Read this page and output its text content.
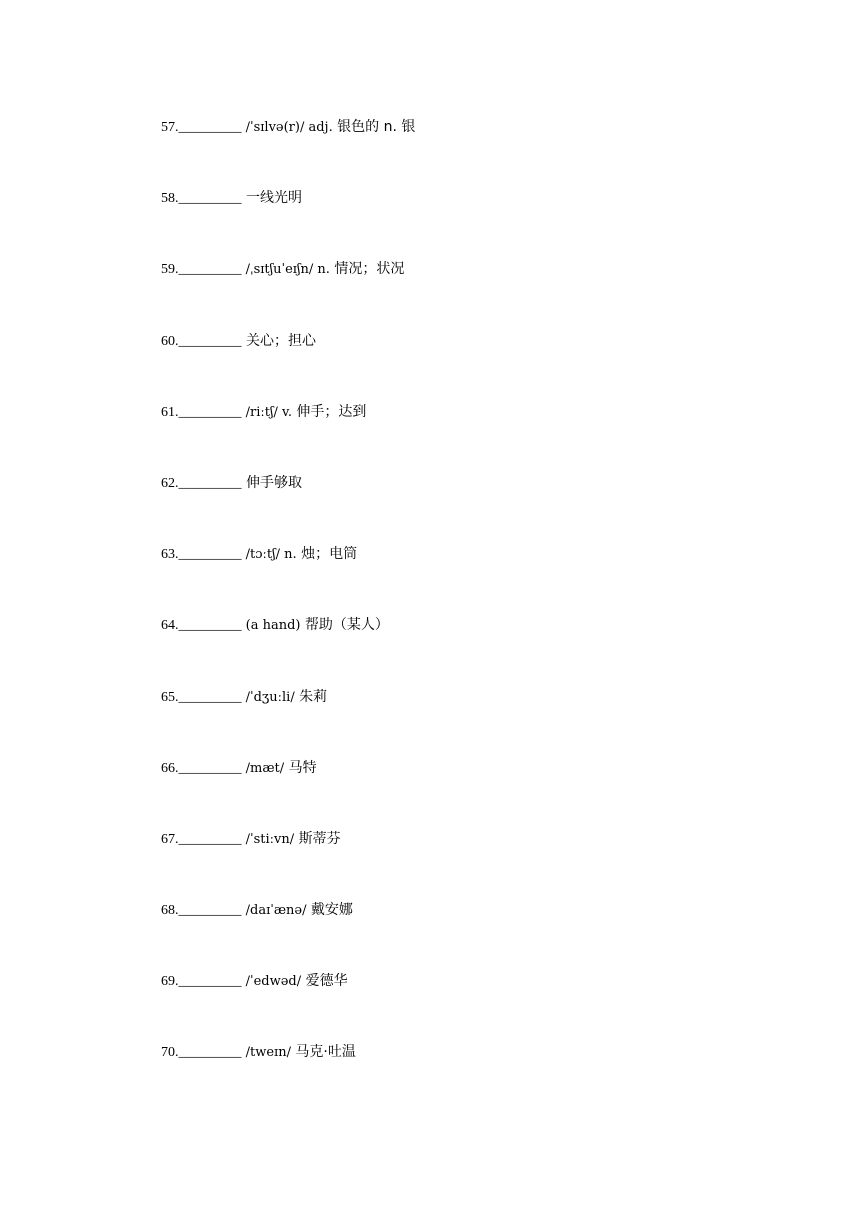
57._________ /ˈsɪlvə(r)/ adj. 银色的 n. 银
58._________ 一线光明
59._________ /ˌsɪtʃuˈeɪʃn/ n. 情况；状况
60._________ 关心；担心
61._________ /riːtʃ/ v. 伸手；达到
62._________ 伸手够取
63._________ /tɔːtʃ/ n. 烛；电筒
64._________ (a hand) 帮助（某人）
65._________ /ˈdʒuːli/ 朱莉
66._________ /mæt/ 马特
67._________ /ˈstiːvn/ 斯蒂芬
68._________ /daɪˈænə/ 戴安娜
69._________ /ˈedwəd/ 爱德华
70._________ /tweɪn/ 马克·吐温
